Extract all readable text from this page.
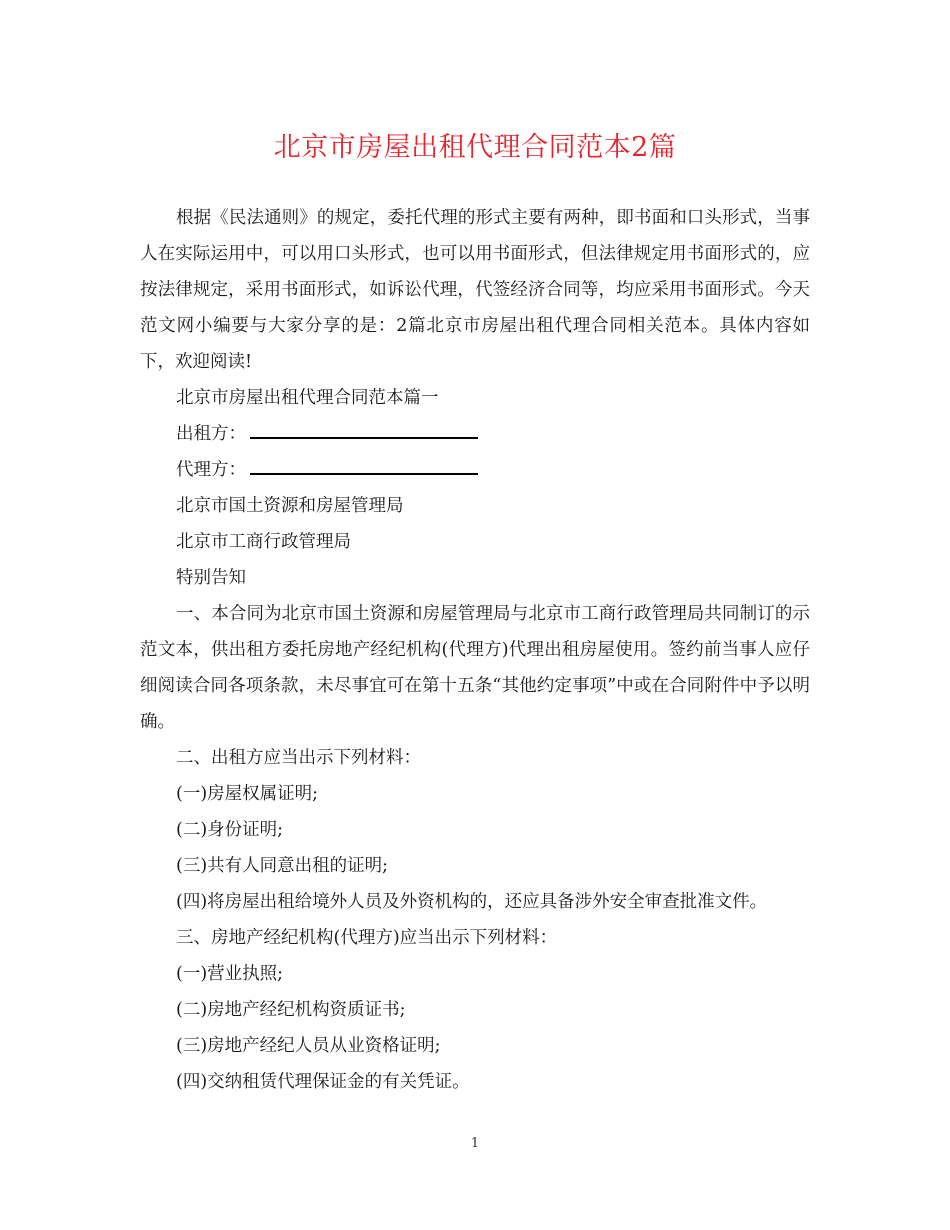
北京市房屋出租代理合同范本2篇

根据《民法通则》的规定，委托代理的形式主要有两种，即书面和口头形式，当事人在实际运用中，可以用口头形式，也可以用书面形式，但法律规定用书面形式的，应按法律规定，采用书面形式，如诉讼代理，代签经济合同等，均应采用书面形式。今天范文网小编要与大家分享的是：2篇北京市房屋出租代理合同相关范本。具体内容如下，欢迎阅读!

北京市房屋出租代理合同范本篇一
出租方：
代理方：
北京市国土资源和房屋管理局
北京市工商行政管理局
特别告知

一、本合同为北京市国土资源和房屋管理局与北京市工商行政管理局共同制订的示范文本，供出租方委托房地产经纪机构(代理方)代理出租房屋使用。签约前当事人应仔细阅读合同各项条款，未尽事宜可在第十五条“其他约定事项”中或在合同附件中予以明确。

二、出租方应当出示下列材料：
(一)房屋权属证明;
(二)身份证明;
(三)共有人同意出租的证明;
(四)将房屋出租给境外人员及外资机构的，还应具备涉外安全审查批准文件。
三、房地产经纪机构(代理方)应当出示下列材料：
(一)营业执照;
(二)房地产经纪机构资质证书;
(三)房地产经纪人员从业资格证明;
(四)交纳租赁代理保证金的有关凭证。
1
